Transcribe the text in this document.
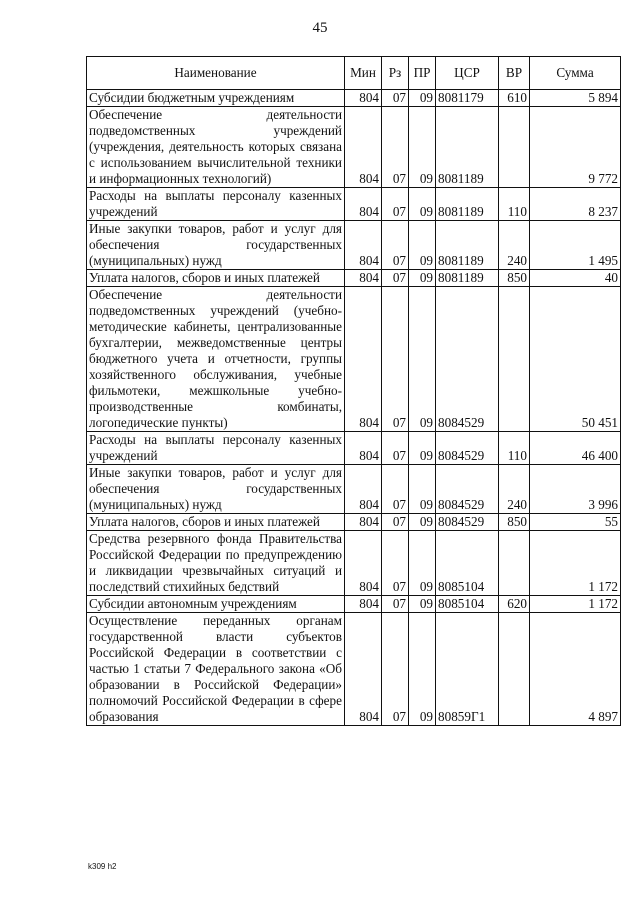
45
Наименование	Мин	Рз	ПР	ЦСР	ВР	Сумма
Субсидии бюджетным учреждениям	804	07	09	8081179	610	5 894
Обеспечение деятельности подведомственных учреждений (учреждения, деятельность которых связана с использованием вычислительной техники и информационных технологий)	804	07	09	8081189		9 772
Расходы на выплаты персоналу казенных учреждений	804	07	09	8081189	110	8 237
Иные закупки товаров, работ и услуг для обеспечения государственных (муниципальных) нужд	804	07	09	8081189	240	1 495
Уплата налогов, сборов и иных платежей	804	07	09	8081189	850	40
Обеспечение деятельности подведомственных учреждений (учебно-методические кабинеты, централизованные бухгалтерии, межведомственные центры бюджетного учета и отчетности, группы хозяйственного обслуживания, учебные фильмотеки, межшкольные учебно-производственные комбинаты, логопедические пункты)	804	07	09	8084529		50 451
Расходы на выплаты персоналу казенных учреждений	804	07	09	8084529	110	46 400
Иные закупки товаров, работ и услуг для обеспечения государственных (муниципальных) нужд	804	07	09	8084529	240	3 996
Уплата налогов, сборов и иных платежей	804	07	09	8084529	850	55
Средства резервного фонда Правительства Российской Федерации по предупреждению и ликвидации чрезвычайных ситуаций и последствий стихийных бедствий	804	07	09	8085104		1 172
Субсидии автономным учреждениям	804	07	09	8085104	620	1 172
Осуществление переданных органам государственной власти субъектов Российской Федерации в соответствии с частью 1 статьи 7 Федерального закона «Об образовании в Российской Федерации» полномочий Российской Федерации в сфере образования	804	07	09	80859Г1		4 897
k309 h2
